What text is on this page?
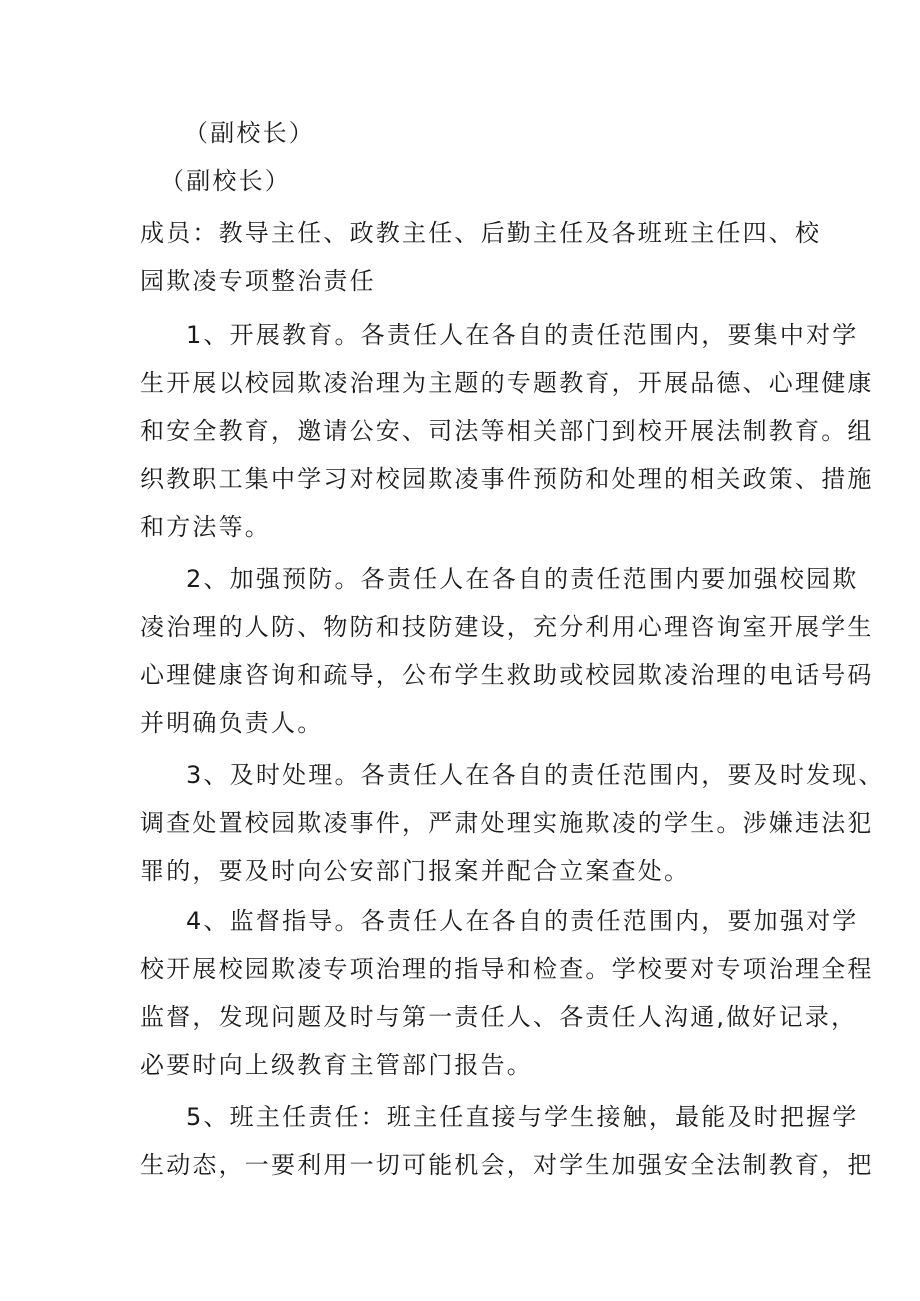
（副校长）
（副校长）
成员：教导主任、政教主任、后勤主任及各班班主任四、校
园欺凌专项整治责任
1、开展教育。各责任人在各自的责任范围内，要集中对学
生开展以校园欺凌治理为主题的专题教育，开展品德、心理健康
和安全教育，邀请公安、司法等相关部门到校开展法制教育。组
织教职工集中学习对校园欺凌事件预防和处理的相关政策、措施
和方法等。
2、加强预防。各责任人在各自的责任范围内要加强校园欺
凌治理的人防、物防和技防建设，充分利用心理咨询室开展学生
心理健康咨询和疏导，公布学生救助或校园欺凌治理的电话号码
并明确负责人。
3、及时处理。各责任人在各自的责任范围内，要及时发现、
调查处置校园欺凌事件，严肃处理实施欺凌的学生。涉嫌违法犯
罪的，要及时向公安部门报案并配合立案查处。
4、监督指导。各责任人在各自的责任范围内，要加强对学
校开展校园欺凌专项治理的指导和检查。学校要对专项治理全程
监督，发现问题及时与第一责任人、各责任人沟通,做好记录，
必要时向上级教育主管部门报告。
5、班主任责任：班主任直接与学生接触，最能及时把握学
生动态，一要利用一切可能机会，对学生加强安全法制教育，把
